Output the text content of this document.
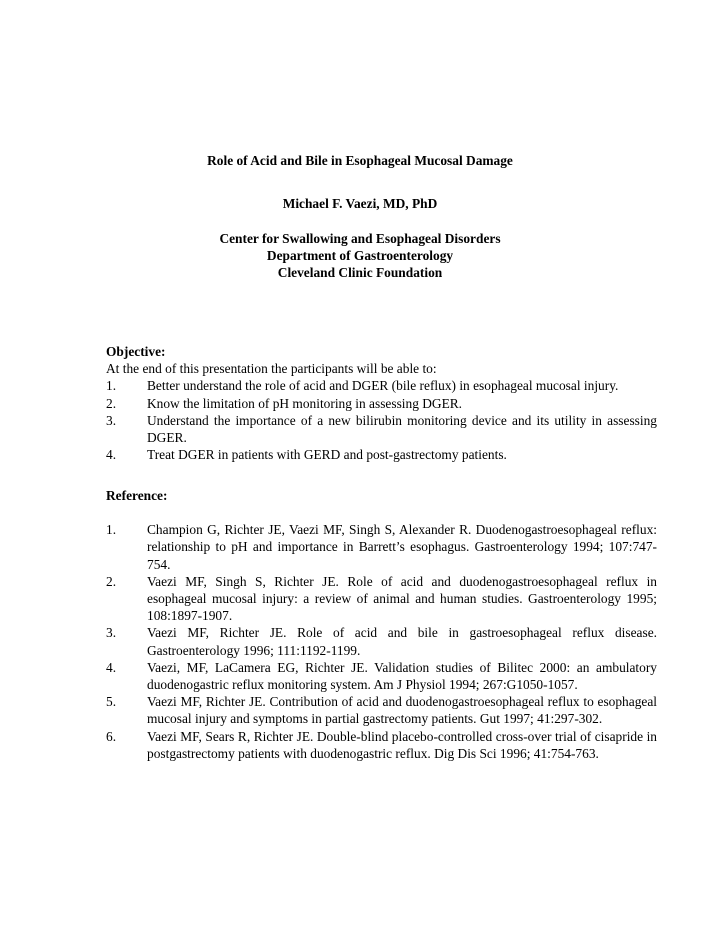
Role of Acid and Bile in Esophageal Mucosal Damage
Michael F. Vaezi, MD, PhD
Center for Swallowing and Esophageal Disorders
Department of Gastroenterology
Cleveland Clinic Foundation
Objective:
At the end of this presentation the participants will be able to:
1.	Better understand the role of acid and DGER (bile reflux) in esophageal mucosal injury.
2.	Know the limitation of pH monitoring in assessing DGER.
3.	Understand the importance of a new bilirubin monitoring device and its utility in assessing DGER.
4.	Treat DGER in patients with GERD and post-gastrectomy patients.
Reference:
1.	Champion G, Richter JE, Vaezi MF, Singh S, Alexander R. Duodenogastroesophageal reflux: relationship to pH and importance in Barrett’s esophagus. Gastroenterology 1994; 107:747-754.
2.	Vaezi MF, Singh S, Richter JE. Role of acid and duodenogastroesophageal reflux in esophageal mucosal injury: a review of animal and human studies. Gastroenterology 1995; 108:1897-1907.
3.	Vaezi MF, Richter JE. Role of acid and bile in gastroesophageal reflux disease. Gastroenterology 1996; 111:1192-1199.
4.	Vaezi, MF, LaCamera EG, Richter JE. Validation studies of Bilitec 2000: an ambulatory duodenogastric reflux monitoring system. Am J Physiol 1994; 267:G1050-1057.
5.	Vaezi MF, Richter JE. Contribution of acid and duodenogastroesophageal reflux to esophageal mucosal injury and symptoms in partial gastrectomy patients. Gut 1997; 41:297-302.
6.	Vaezi MF, Sears R, Richter JE. Double-blind placebo-controlled cross-over trial of cisapride in postgastrectomy patients with duodenogastric reflux. Dig Dis Sci 1996; 41:754-763.
